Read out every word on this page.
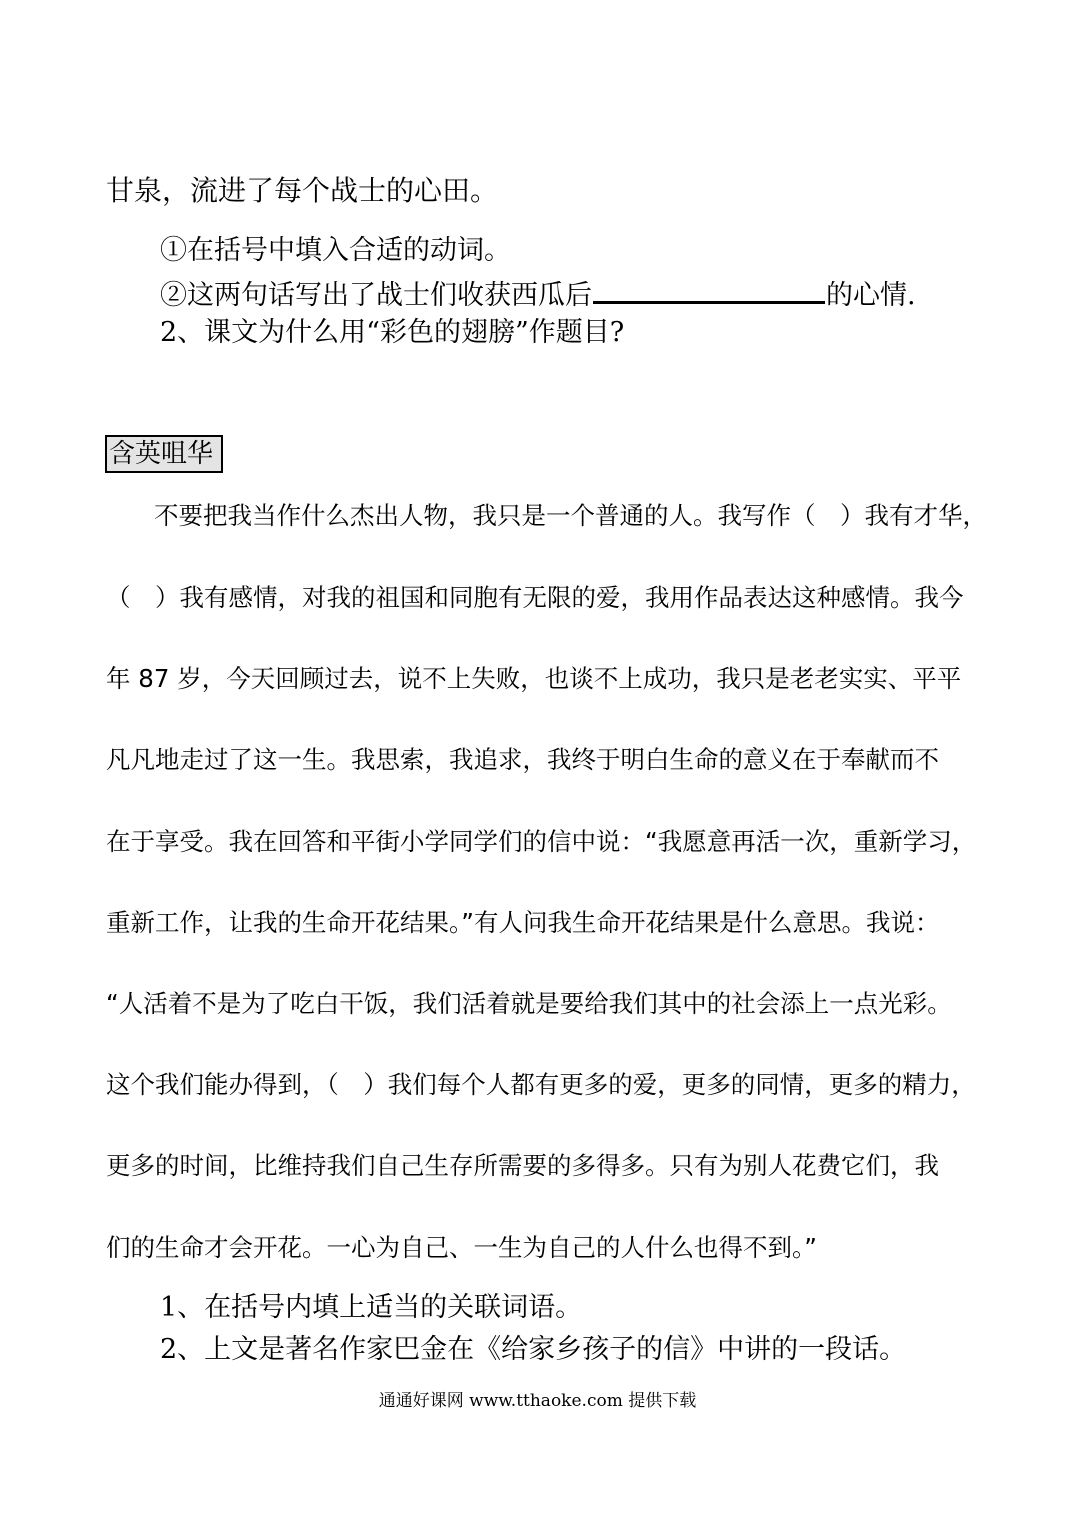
甘泉，流进了每个战士的心田。
①在括号中填入合适的动词。
②这两句话写出了战士们收获西瓜后	的心情.
2、课文为什么用“彩色的翅膀”作题目?
含英咀华
不要把我当作什么杰出人物，我只是一个普通的人。我写作（　）我有才华，
（　）我有感情，对我的祖国和同胞有无限的爱，我用作品表达这种感情。我今
年 87 岁，今天回顾过去，说不上失败，也谈不上成功，我只是老老实实、平平
凡凡地走过了这一生。我思索，我追求，我终于明白生命的意义在于奉献而不
在于享受。我在回答和平街小学同学们的信中说：“我愿意再活一次，重新学习，
重新工作，让我的生命开花结果。”有人问我生命开花结果是什么意思。我说：
“人活着不是为了吃白干饭，我们活着就是要给我们其中的社会添上一点光彩。
这个我们能办得到，（　）我们每个人都有更多的爱，更多的同情，更多的精力，
更多的时间，比维持我们自己生存所需要的多得多。只有为别人花费它们，我
们的生命才会开花。一心为自己、一生为自己的人什么也得不到。”
1、在括号内填上适当的关联词语。
2、上文是著名作家巴金在《给家乡孩子的信》中讲的一段话。
通通好课网 www.tthaoke.com 提供下载
